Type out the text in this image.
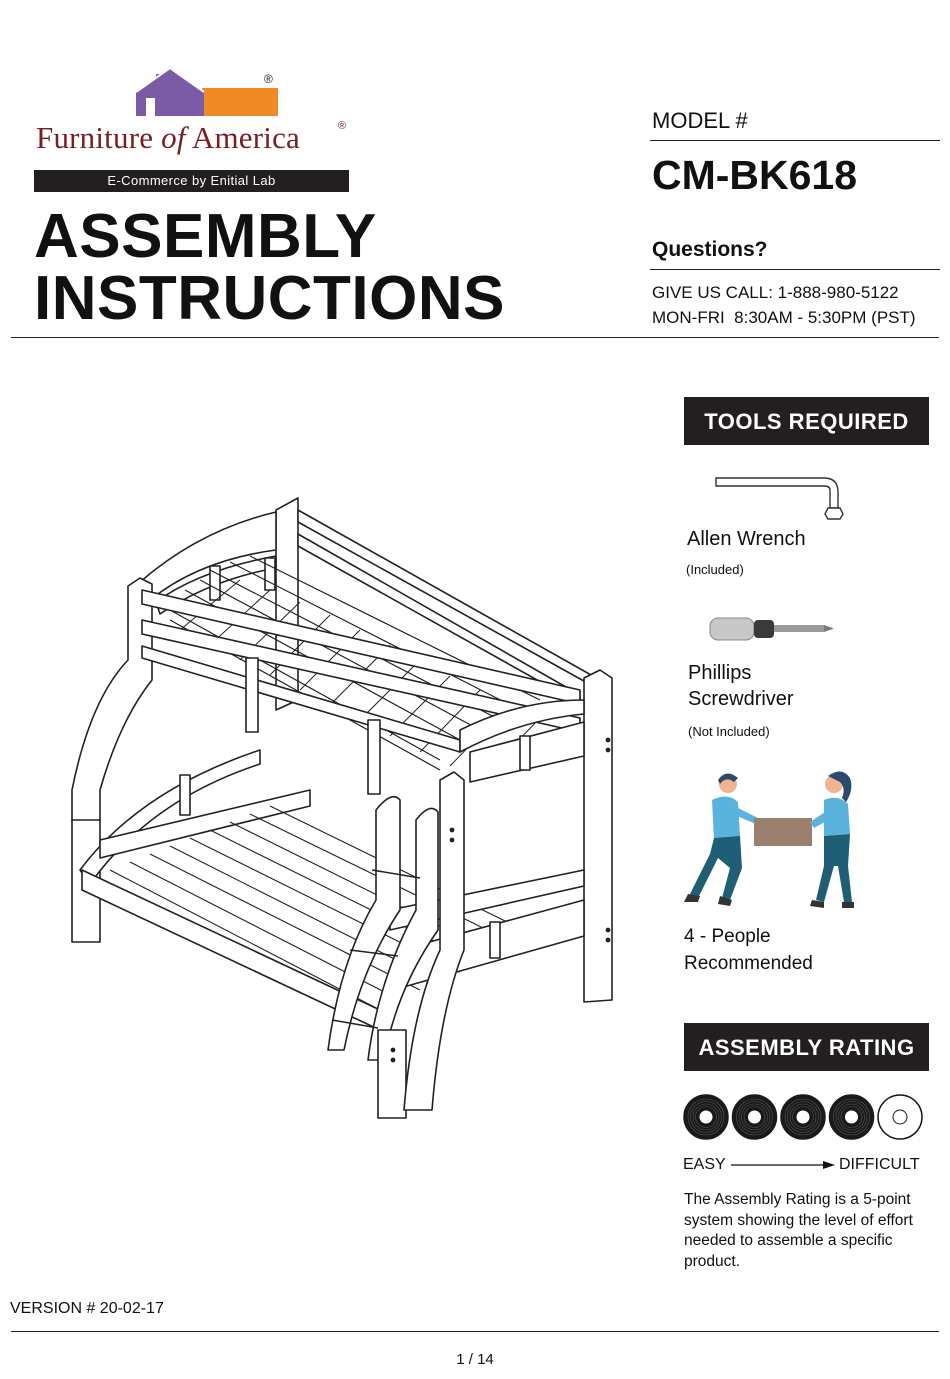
®
Furniture of America	®
E-Commerce by Enitial Lab
ASSEMBLY
INSTRUCTIONS
MODEL #
CM-BK618
Questions?
GIVE US CALL: 1-888-980-5122
MON-FRI  8:30AM - 5:30PM (PST)
TOOLS REQUIRED
Allen Wrench
(Included)
Phillips
Screwdriver
(Not Included)
4 - People
Recommended
ASSEMBLY RATING
EASY	DIFFICULT
The Assembly Rating is a 5-point system showing the level of effort needed to assemble a specific product.
VERSION # 20-02-17
1 / 14
